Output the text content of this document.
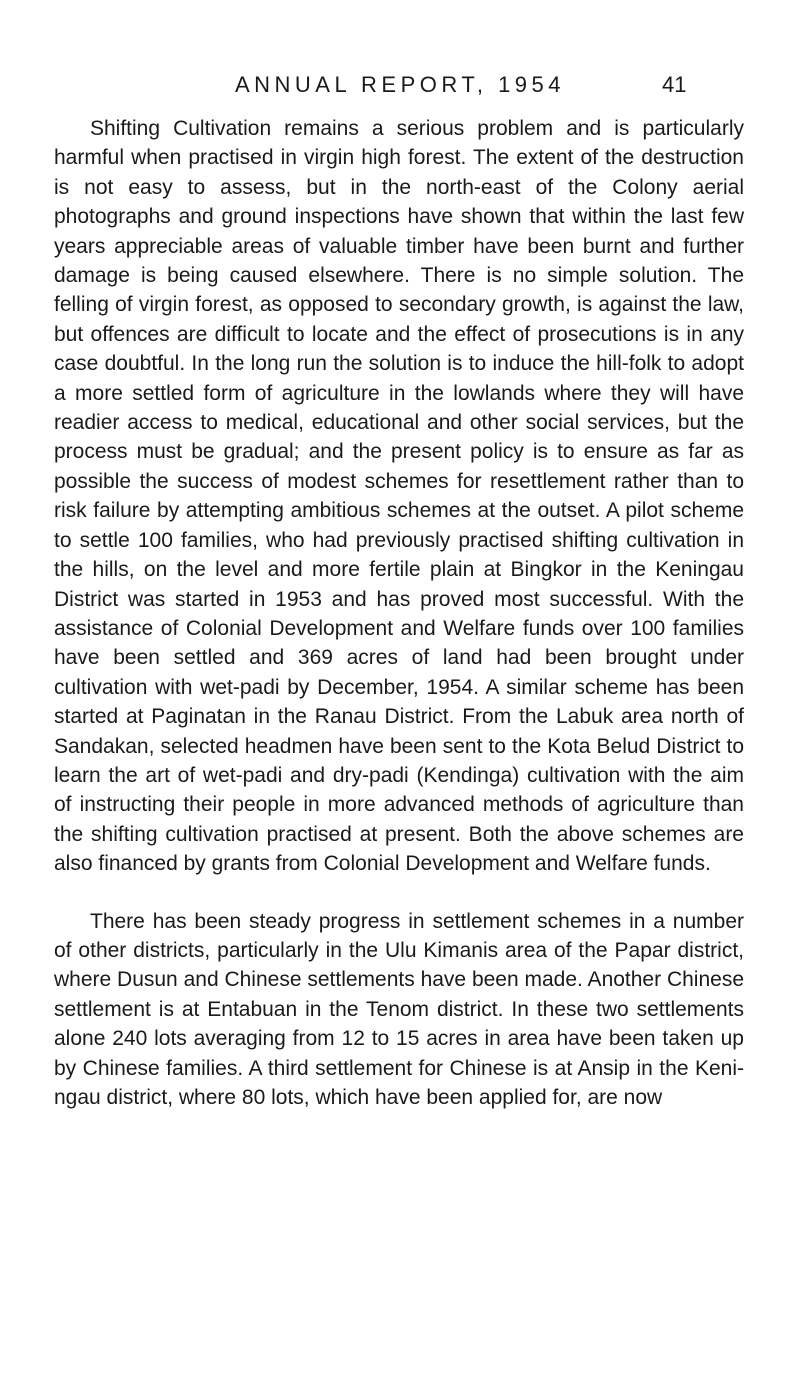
ANNUAL REPORT, 1954	41

Shifting Cultivation remains a serious problem and is particularly harmful when practised in virgin high forest. The extent of the destruction is not easy to assess, but in the north-east of the Colony aerial photographs and ground inspections have shown that within the last few years appreciable areas of valuable timber have been burnt and further damage is being caused elsewhere. There is no simple solution. The felling of virgin forest, as opposed to secondary growth, is against the law, but offences are difficult to locate and the effect of prosecutions is in any case doubtful. In the long run the solution is to induce the hill-folk to adopt a more settled form of agriculture in the lowlands where they will have readier access to medical, educational and other social services, but the process must be gradual; and the present policy is to ensure as far as possible the success of modest schemes for resettlement rather than to risk failure by attempting ambitious schemes at the outset. A pilot scheme to settle 100 families, who had previously practised shifting cultivation in the hills, on the level and more fertile plain at Bingkor in the Keningau District was started in 1953 and has proved most successful. With the assistance of Colonial Development and Welfare funds over 100 families have been settled and 369 acres of land had been brought under cultivation with wet-padi by December, 1954. A similar scheme has been started at Paginatan in the Ranau District. From the Labuk area north of Sandakan, selected headmen have been sent to the Kota Belud District to learn the art of wet-padi and dry-padi (Kendinga) cultivation with the aim of instructing their people in more advanced methods of agriculture than the shifting cultivation practised at present. Both the above schemes are also financed by grants from Colonial Development and Welfare funds.

There has been steady progress in settlement schemes in a number of other districts, particularly in the Ulu Kimanis area of the Papar district, where Dusun and Chinese settlements have been made. Another Chinese settlement is at Entabuan in the Tenom district. In these two settlements alone 240 lots averaging from 12 to 15 acres in area have been taken up by Chinese families. A third settlement for Chinese is at Ansip in the Keni-ngau district, where 80 lots, which have been applied for, are now
